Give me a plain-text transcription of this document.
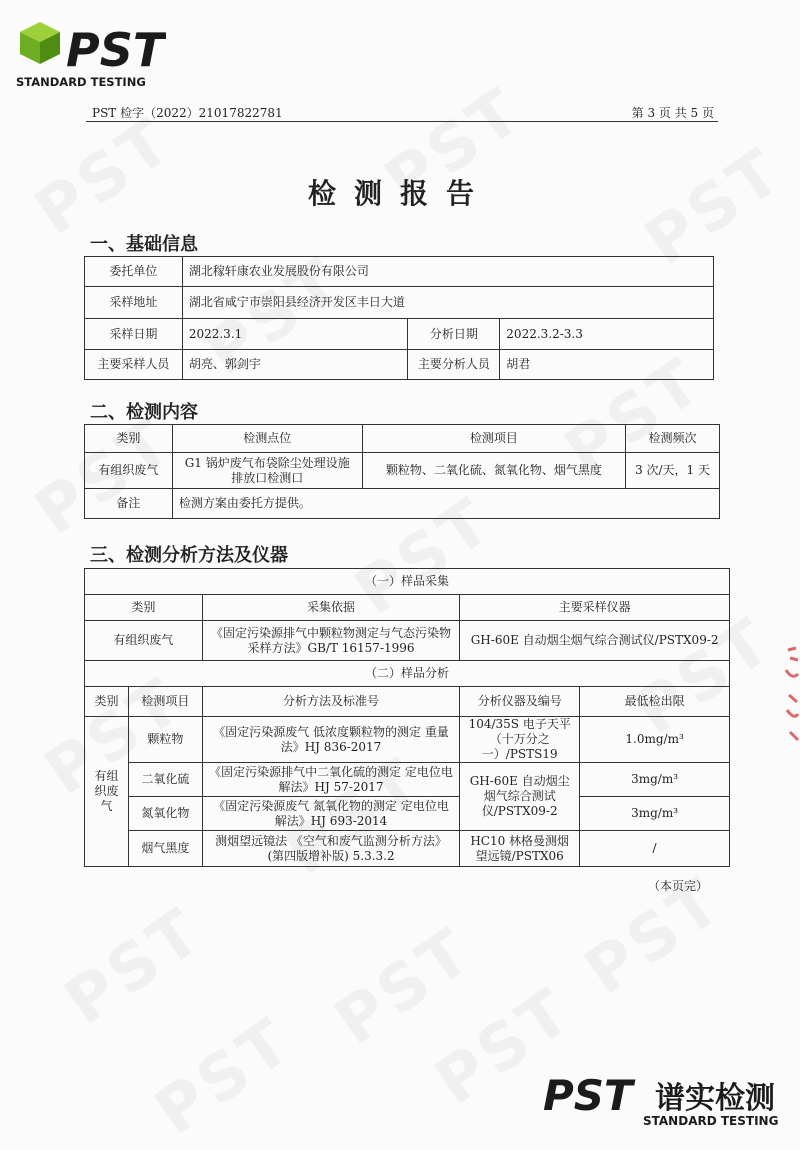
PST
STANDARD TESTING
PST 检字（2022）21017822781	第 3 页 共 5 页
检测报告
一、基础信息
委托单位	湖北稼轩康农业发展股份有限公司		
采样地址	湖北省咸宁市崇阳县经济开发区丰日大道		
采样日期	2022.3.1	分析日期	2022.3.2-3.3
主要采样人员	胡亮、郭剑宇	主要分析人员	胡君
二、检测内容
类别	检测点位	检测项目	检测频次
有组织废气	G1 锅炉废气布袋除尘处理设施排放口检测口	颗粒物、二氧化硫、氮氧化物、烟气黑度	3 次/天，1 天
备注	检测方案由委托方提供。		
三、检测分析方法及仪器
（一）样品采集				
类别		采集依据	主要采样仪器	
有组织废气		《固定污染源排气中颗粒物测定与气态污染物采样方法》GB/T 16157-1996	GH-60E 自动烟尘烟气综合测试仪/PSTX09-2	
（二）样品分析				
类别	检测项目	分析方法及标准号	分析仪器及编号	最低检出限
有组织废气	颗粒物	《固定污染源废气 低浓度颗粒物的测定 重量法》HJ 836-2017	104/35S 电子天平（十万分之一）/PSTS19	1.0mg/m³
	二氧化硫	《固定污染源排气中二氧化硫的测定 定电位电解法》HJ 57-2017	GH-60E 自动烟尘烟气综合测试仪/PSTX09-2	3mg/m³
	氮氧化物	《固定污染源废气 氮氧化物的测定 定电位电解法》HJ 693-2014		3mg/m³
	烟气黑度	测烟望远镜法 《空气和废气监测分析方法》(第四版增补版) 5.3.3.2	HC10 林格曼测烟望远镜/PSTX06	/
（本页完）
PST 谱实检测
STANDARD TESTING
